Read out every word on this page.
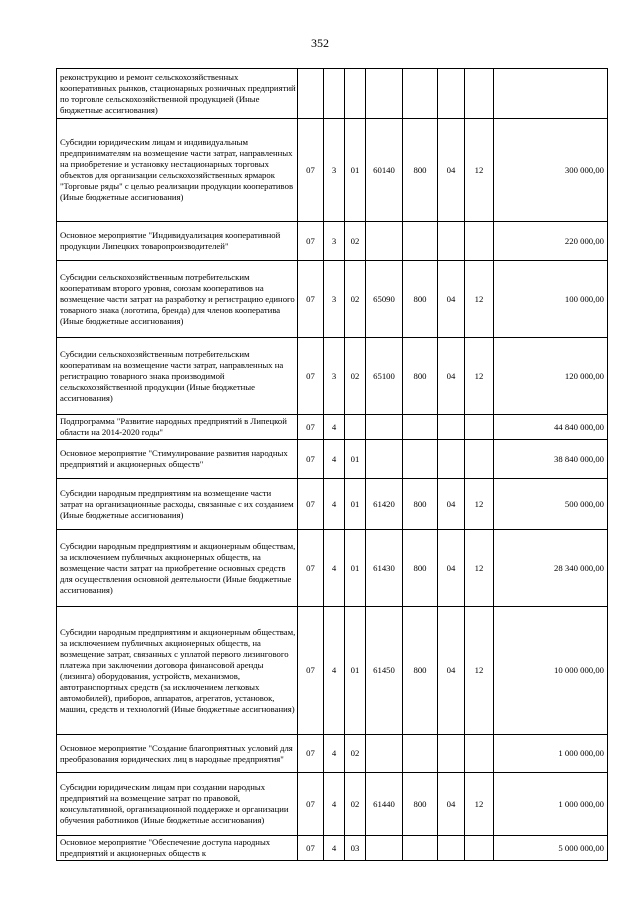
352
реконструкцию и ремонт сельскохозяйственных кооперативных рынков, стационарных розничных предприятий по торговле сельскохозяйственной продукцией (Иные бюджетные ассигнования)								
Субсидии юридическим лицам и индивидуальным предпринимателям на возмещение части затрат, направленных на приобретение и установку нестационарных торговых объектов для организации сельскохозяйственных ярмарок "Торговые ряды" с целью реализации продукции кооперативов (Иные бюджетные ассигнования)	07	3	01	60140	800	04	12	300 000,00
Основное мероприятие "Индивидуализация кооперативной продукции Липецких товаропроизводителей"	07	3	02					220 000,00
Субсидии сельскохозяйственным потребительским кооперативам второго уровня, союзам кооперативов на возмещение части затрат на разработку и регистрацию единого товарного знака (логотипа, бренда) для членов кооператива (Иные бюджетные ассигнования)	07	3	02	65090	800	04	12	100 000,00
Субсидии сельскохозяйственным потребительским кооперативам на возмещение части затрат, направленных на регистрацию товарного знака производимой сельскохозяйственной продукции (Иные бюджетные ассигнования)	07	3	02	65100	800	04	12	120 000,00
Подпрограмма "Развитие народных предприятий в Липецкой области на 2014-2020 годы"	07	4						44 840 000,00
Основное мероприятие "Стимулирование развития народных предприятий и акционерных обществ"	07	4	01					38 840 000,00
Субсидии народным предприятиям на возмещение части затрат на организационные расходы, связанные с их созданием (Иные бюджетные ассигнования)	07	4	01	61420	800	04	12	500 000,00
Субсидии народным предприятиям и акционерным обществам, за исключением публичных акционерных обществ, на возмещение части затрат на приобретение основных средств для осуществления основной деятельности (Иные бюджетные ассигнования)	07	4	01	61430	800	04	12	28 340 000,00
Субсидии народным предприятиям и акционерным обществам, за исключением публичных акционерных обществ, на возмещение затрат, связанных с уплатой первого лизингового платежа при заключении договора финансовой аренды (лизинга) оборудования, устройств, механизмов, автотранспортных средств (за исключением легковых автомобилей), приборов, аппаратов, агрегатов, установок, машин, средств и технологий (Иные бюджетные ассигнования)	07	4	01	61450	800	04	12	10 000 000,00
Основное мероприятие "Создание благоприятных условий для преобразования юридических лиц в народные предприятия"	07	4	02					1 000 000,00
Субсидии юридическим лицам при создании народных предприятий на возмещение затрат по правовой, консультативной, организационной поддержке и организации обучения работников (Иные бюджетные ассигнования)	07	4	02	61440	800	04	12	1 000 000,00
Основное мероприятие "Обеспечение доступа народных предприятий и акционерных обществ к	07	4	03					5 000 000,00
